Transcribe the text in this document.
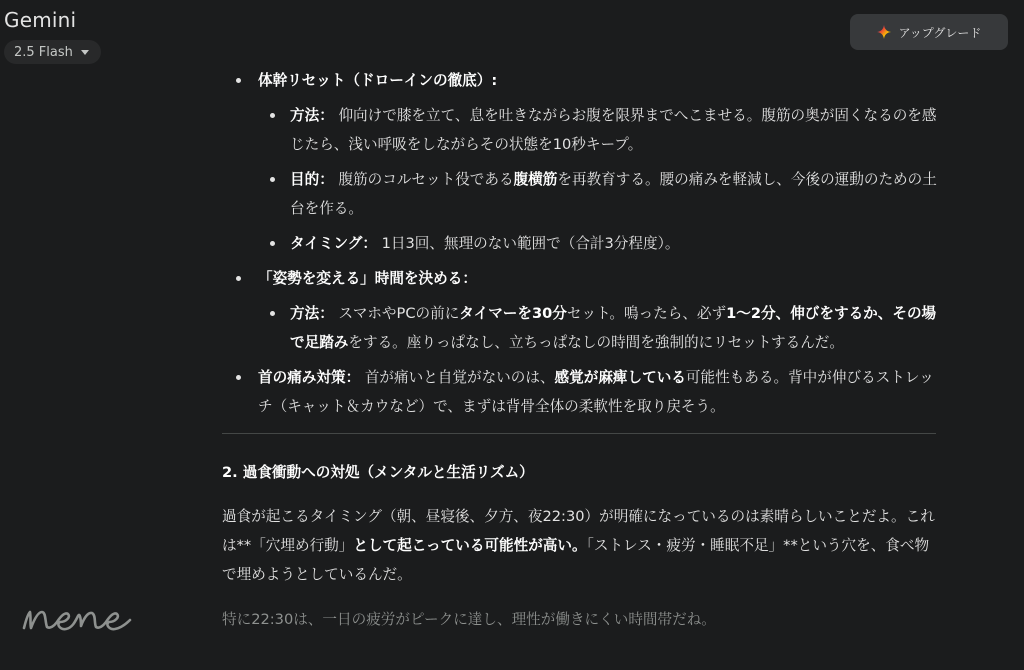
Gemini
2.5 Flash
アップグレード
体幹リセット（ドローインの徹底）:
方法： 仰向けで膝を立て、息を吐きながらお腹を限界までへこませる。腹筋の奥が固くなるのを感じたら、浅い呼吸をしながらその状態を10秒キープ。
目的： 腹筋のコルセット役である腹横筋を再教育する。腰の痛みを軽減し、今後の運動のための土台を作る。
タイミング： 1日3回、無理のない範囲で（合計3分程度）。
「姿勢を変える」時間を決める：
方法： スマホやPCの前にタイマーを30分セット。鳴ったら、必ず1〜2分、伸びをするか、その場で足踏みをする。座りっぱなし、立ちっぱなしの時間を強制的にリセットするんだ。
首の痛み対策： 首が痛いと自覚がないのは、感覚が麻痺している可能性もある。背中が伸びるストレッチ（キャット＆カウなど）で、まずは背骨全体の柔軟性を取り戻そう。
2. 過食衝動への対処（メンタルと生活リズム）
過食が起こるタイミング（朝、昼寝後、夕方、夜22:30）が明確になっているのは素晴らしいことだよ。これは**「穴埋め行動」として起こっている可能性が高い。「ストレス・疲労・睡眠不足」**という穴を、食べ物で埋めようとしているんだ。
特に22:30は、一日の疲労がピークに達し、理性が働きにくい時間帯だね。
